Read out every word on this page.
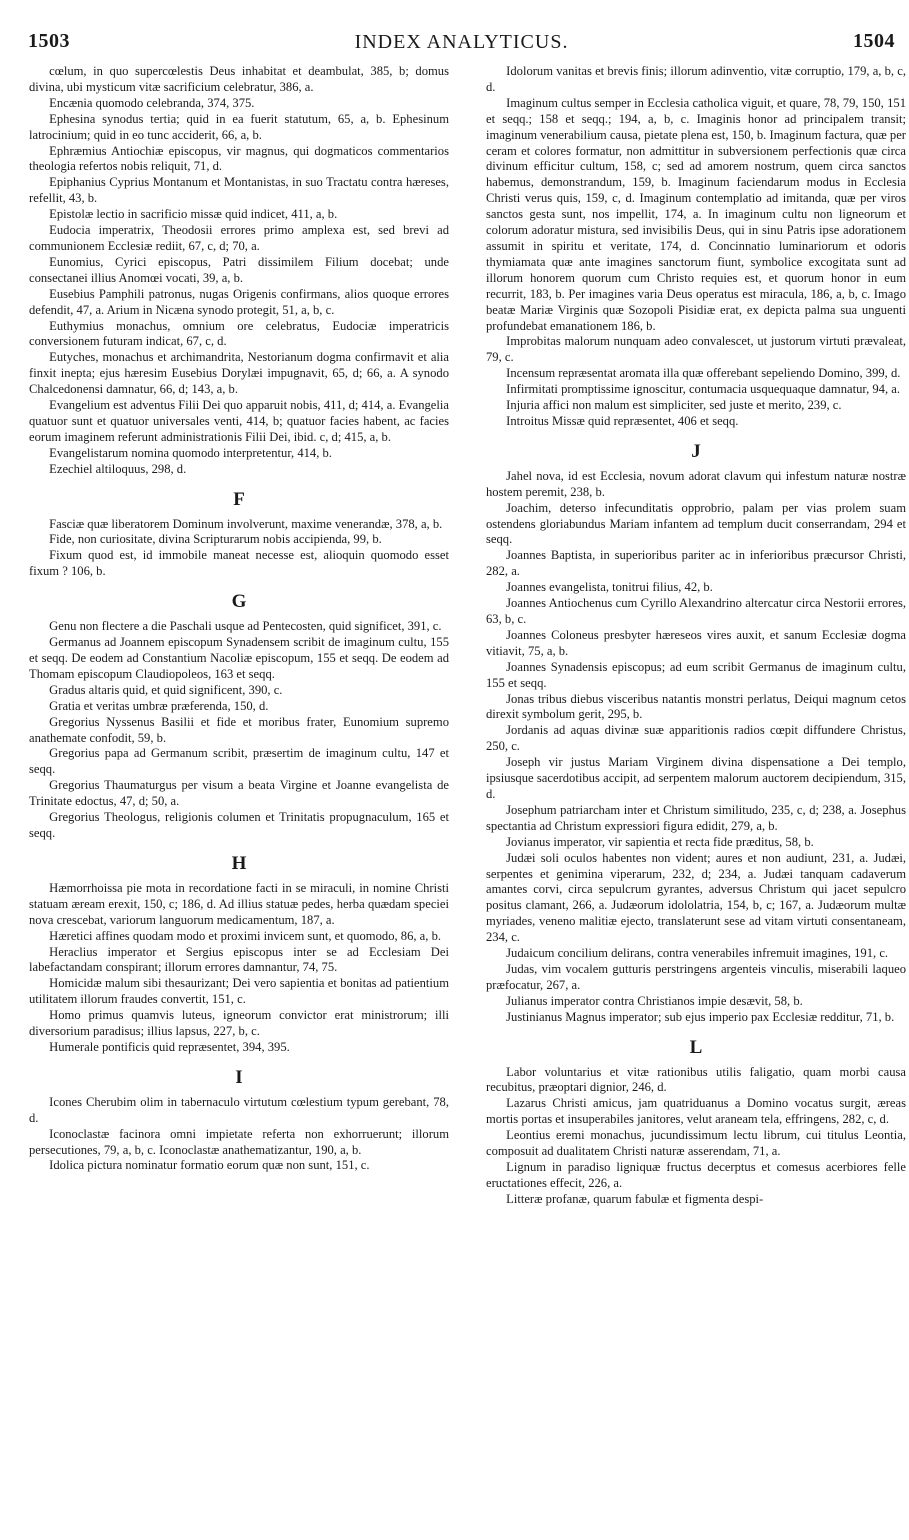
1503	INDEX ANALYTICUS.	1504

cœlum, in quo supercœlestis Deus inhabitat et deambulat, 385, b; domus divina, ubi mysticum vitæ sacrificium celebratur, 386, a.

Encænia quomodo celebranda, 374, 375.

Ephesina synodus tertia; quid in ea fuerit statutum, 65, a, b. Ephesinum latrocinium; quid in eo tunc acciderit, 66, a, b.

Ephræmius Antiochiæ episcopus, vir magnus, qui dogmaticos commentarios theologia refertos nobis reliquit, 71, d.

Epiphanius Cyprius Montanum et Montanistas, in suo Tractatu contra hæreses, refellit, 43, b.

Epistolæ lectio in sacrificio missæ quid indicet, 411, a, b.

Eudocia imperatrix, Theodosii errores primo amplexa est, sed brevi ad communionem Ecclesiæ rediit, 67, c, d; 70, a.

Eunomius, Cyrici episcopus, Patri dissimilem Filium docebat; unde consectanei illius Anomœi vocati, 39, a, b.

Eusebius Pamphili patronus, nugas Origenis confirmans, alios quoque errores defendit, 47, a. Arium in Nicæna synodo protegit, 51, a, b, c.

Euthymius monachus, omnium ore celebratus, Eudociæ imperatricis conversionem futuram indicat, 67, c, d.

Eutyches, monachus et archimandrita, Nestorianum dogma confirmavit et alia finxit inepta; ejus hæresim Eusebius Dorylæi impugnavit, 65, d; 66, a. A synodo Chalcedonensi damnatur, 66, d; 143, a, b.

Evangelium est adventus Filii Dei quo apparuit nobis, 411, d; 414, a. Evangelia quatuor sunt et quatuor universales venti, 414, b; quatuor facies habent, ac facies eorum imaginem referunt administrationis Filii Dei, ibid. c, d; 415, a, b.

Evangelistarum nomina quomodo interpretentur, 414, b.

Ezechiel altiloquus, 298, d.

F

Fasciæ quæ liberatorem Dominum involverunt, maxime venerandæ, 378, a, b.

Fide, non curiositate, divina Scripturarum nobis accipienda, 99, b.

Fixum quod est, id immobile maneat necesse est, alioquin quomodo esset fixum ? 106, b.

G

Genu non flectere a die Paschali usque ad Pentecosten, quid significet, 391, c.

Germanus ad Joannem episcopum Synadensem scribit de imaginum cultu, 155 et seqq. De eodem ad Constantium Nacoliæ episcopum, 155 et seqq. De eodem ad Thomam episcopum Claudiopoleos, 163 et seqq.

Gradus altaris quid, et quid significent, 390, c.

Gratia et veritas umbræ præferenda, 150, d.

Gregorius Nyssenus Basilii et fide et moribus frater, Eunomium supremo anathemate confodit, 59, b.

Gregorius papa ad Germanum scribit, præsertim de imaginum cultu, 147 et seqq.

Gregorius Thaumaturgus per visum a beata Virgine et Joanne evangelista de Trinitate edoctus, 47, d; 50, a.

Gregorius Theologus, religionis columen et Trinitatis propugnaculum, 165 et seqq.

H

Hæmorrhoissa pie mota in recordatione facti in se miraculi, in nomine Christi statuam æream erexit, 150, c; 186, d. Ad illius statuæ pedes, herba quædam speciei nova crescebat, variorum languorum medicamentum, 187, a.

Hæretici affines quodam modo et proximi invicem sunt, et quomodo, 86, a, b.

Heraclius imperator et Sergius episcopus inter se ad Ecclesiam Dei labefactandam conspirant; illorum errores damnantur, 74, 75.

Homicidæ malum sibi thesaurizant; Dei vero sapientia et bonitas ad patientium utilitatem illorum fraudes convertit, 151, c.

Homo primus quamvis luteus, igneorum convictor erat ministrorum; illi diversorium paradisus; illius lapsus, 227, b, c.

Humerale pontificis quid repræsentet, 394, 395.

I

Icones Cherubim olim in tabernaculo virtutum cœlestium typum gerebant, 78, d.

Iconoclastæ facinora omni impietate referta non exhorruerunt; illorum persecutiones, 79, a, b, c. Iconoclastæ anathematizantur, 190, a, b.

Idolica pictura nominatur formatio eorum quæ non sunt, 151, c.

Idolorum vanitas et brevis finis; illorum adinventio, vitæ corruptio, 179, a, b, c, d.

Imaginum cultus semper in Ecclesia catholica viguit, et quare, 78, 79, 150, 151 et seqq.; 158 et seqq.; 194, a, b, c. Imaginis honor ad principalem transit; imaginum venerabilium causa, pietate plena est, 150, b. Imaginum factura, quæ per ceram et colores formatur, non admittitur in subversionem perfectionis quæ circa divinum efficitur cultum, 158, c; sed ad amorem nostrum, quem circa sanctos habemus, demonstrandum, 159, b. Imaginum faciendarum modus in Ecclesia Christi verus quis, 159, c, d. Imaginum contemplatio ad imitanda, quæ per viros sanctos gesta sunt, nos impellit, 174, a. In imaginum cultu non ligneorum et colorum adoratur mistura, sed invisibilis Deus, qui in sinu Patris ipse adorationem assumit in spiritu et veritate, 174, d. Concinnatio luminariorum et odoris thymiamata quæ ante imagines sanctorum fiunt, symbolice excogitata sunt ad illorum honorem quorum cum Christo requies est, et quorum honor in eum recurrit, 183, b. Per imagines varia Deus operatus est miracula, 186, a, b, c. Imago beatæ Mariæ Virginis quæ Sozopoli Pisidiæ erat, ex depicta palma sua unguenti profundebat emanationem 186, b.

Improbitas malorum nunquam adeo convalescet, ut justorum virtuti prævaleat, 79, c.

Incensum repræsentat aromata illa quæ offerebant sepeliendo Domino, 399, d.

Infirmitati promptissime ignoscitur, contumacia usquequaque damnatur, 94, a.

Injuria affici non malum est simpliciter, sed juste et merito, 239, c.

Introitus Missæ quid repræsentet, 406 et seqq.

J

Jahel nova, id est Ecclesia, novum adorat clavum qui infestum naturæ nostræ hostem peremit, 238, b.

Joachim, deterso infecunditatis opprobrio, palam per vias prolem suam ostendens gloriabundus Mariam infantem ad templum ducit conserrandam, 294 et seqq.

Joannes Baptista, in superioribus pariter ac in inferioribus præcursor Christi, 282, a.

Joannes evangelista, tonitrui filius, 42, b.

Joannes Antiochenus cum Cyrillo Alexandrino altercatur circa Nestorii errores, 63, b, c.

Joannes Coloneus presbyter hæreseos vires auxit, et sanum Ecclesiæ dogma vitiavit, 75, a, b.

Joannes Synadensis episcopus; ad eum scribit Germanus de imaginum cultu, 155 et seqq.

Jonas tribus diebus visceribus natantis monstri perlatus, Deiqui magnum cetos direxit symbolum gerit, 295, b.

Jordanis ad aquas divinæ suæ apparitionis radios cœpit diffundere Christus, 250, c.

Joseph vir justus Mariam Virginem divina dispensatione a Dei templo, ipsiusque sacerdotibus accipit, ad serpentem malorum auctorem decipiendum, 315, d.

Josephum patriarcham inter et Christum similitudo, 235, c, d; 238, a. Josephus spectantia ad Christum expressiori figura edidit, 279, a, b.

Jovianus imperator, vir sapientia et recta fide præditus, 58, b.

Judæi soli oculos habentes non vident; aures et non audiunt, 231, a. Judæi, serpentes et genimina viperarum, 232, d; 234, a. Judæi tanquam cadaverum amantes corvi, circa sepulcrum gyrantes, adversus Christum qui jacet sepulcro positus clamant, 266, a. Judæorum idololatria, 154, b, c; 167, a. Judæorum multæ myriades, veneno malitiæ ejecto, translaterunt sese ad vitam virtuti consentaneam, 234, c.

Judaicum concilium delirans, contra venerabiles infremuit imagines, 191, c.

Judas, vim vocalem gutturis perstringens argenteis vinculis, miserabili laqueo præfocatur, 267, a.

Julianus imperator contra Christianos impie desævit, 58, b.

Justinianus Magnus imperator; sub ejus imperio pax Ecclesiæ redditur, 71, b.

L

Labor voluntarius et vitæ rationibus utilis faligatio, quam morbi causa recubitus, præoptari dignior, 246, d.

Lazarus Christi amicus, jam quatriduanus a Domino vocatus surgit, æreas mortis portas et insuperabiles janitores, velut araneam tela, effringens, 282, c, d.

Leontius eremi monachus, jucundissimum lectu librum, cui titulus Leontia, composuit ad dualitatem Christi naturæ asserendam, 71, a.

Lignum in paradiso ligniquæ fructus decerptus et comesus acerbiores felle eructationes effecit, 226, a.

Litteræ profanæ, quarum fabulæ et figmenta despi-
